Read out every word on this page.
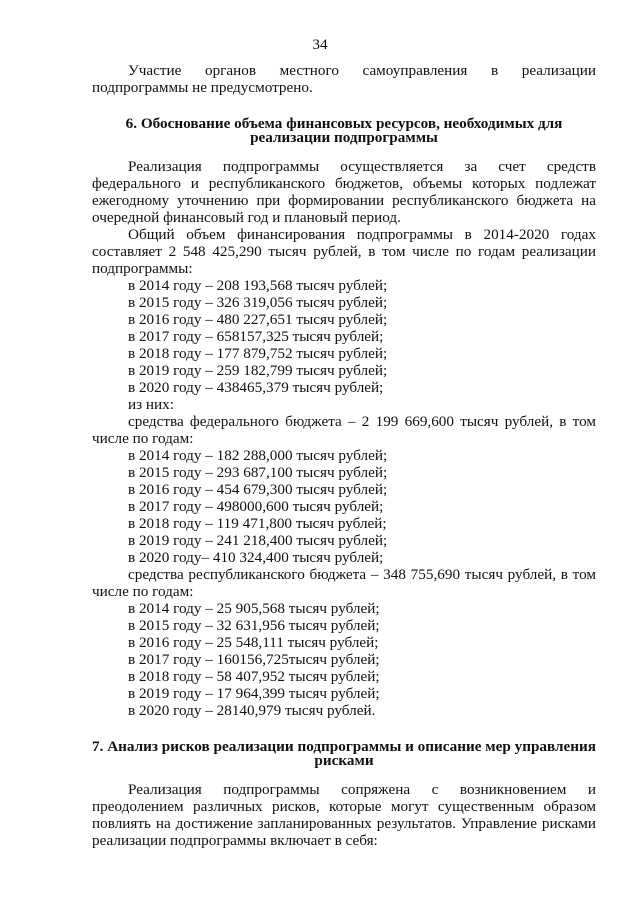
34

Участие органов местного самоуправления в реализации подпрограммы не предусмотрено.

6. Обоснование объема финансовых ресурсов, необходимых для

реализации подпрограммы

Реализация подпрограммы осуществляется за счет средств федерального и республиканского бюджетов, объемы которых подлежат ежегодному уточнению при формировании республиканского бюджета на очередной финансовый год и плановый период.

Общий объем финансирования подпрограммы в 2014-2020 годах составляет 2 548 425,290 тысяч рублей, в том числе по годам реализации подпрограммы:

в 2014 году – 208 193,568 тысяч рублей;

в 2015 году – 326 319,056 тысяч рублей;

в 2016 году – 480 227,651 тысяч рублей;

в 2017 году – 658157,325 тысяч рублей;

в 2018 году – 177 879,752 тысяч рублей;

в 2019 году – 259 182,799 тысяч рублей;

в 2020 году – 438465,379 тысяч рублей;

из них:

средства федерального бюджета – 2 199 669,600 тысяч рублей, в том числе по годам:

в 2014 году – 182 288,000 тысяч рублей;

в 2015 году – 293 687,100 тысяч рублей;

в 2016 году – 454 679,300 тысяч рублей;

в 2017 году – 498000,600 тысяч рублей;

в 2018 году – 119 471,800 тысяч рублей;

в 2019 году – 241 218,400 тысяч рублей;

в 2020 году– 410 324,400 тысяч рублей;

средства республиканского бюджета – 348 755,690 тысяч рублей, в том числе по годам:

в 2014 году – 25 905,568 тысяч рублей;

в 2015 году – 32 631,956 тысяч рублей;

в 2016 году – 25 548,111 тысяч рублей;

в 2017 году – 160156,725тысяч рублей;

в 2018 году – 58 407,952 тысяч рублей;

в 2019 году – 17 964,399 тысяч рублей;

в 2020 году – 28140,979 тысяч рублей.

7. Анализ рисков реализации подпрограммы и описание мер управления

рисками

Реализация подпрограммы сопряжена с возникновением и преодолением различных рисков, которые могут существенным образом повлиять на достижение запланированных результатов. Управление рисками реализации подпрограммы включает в себя:
